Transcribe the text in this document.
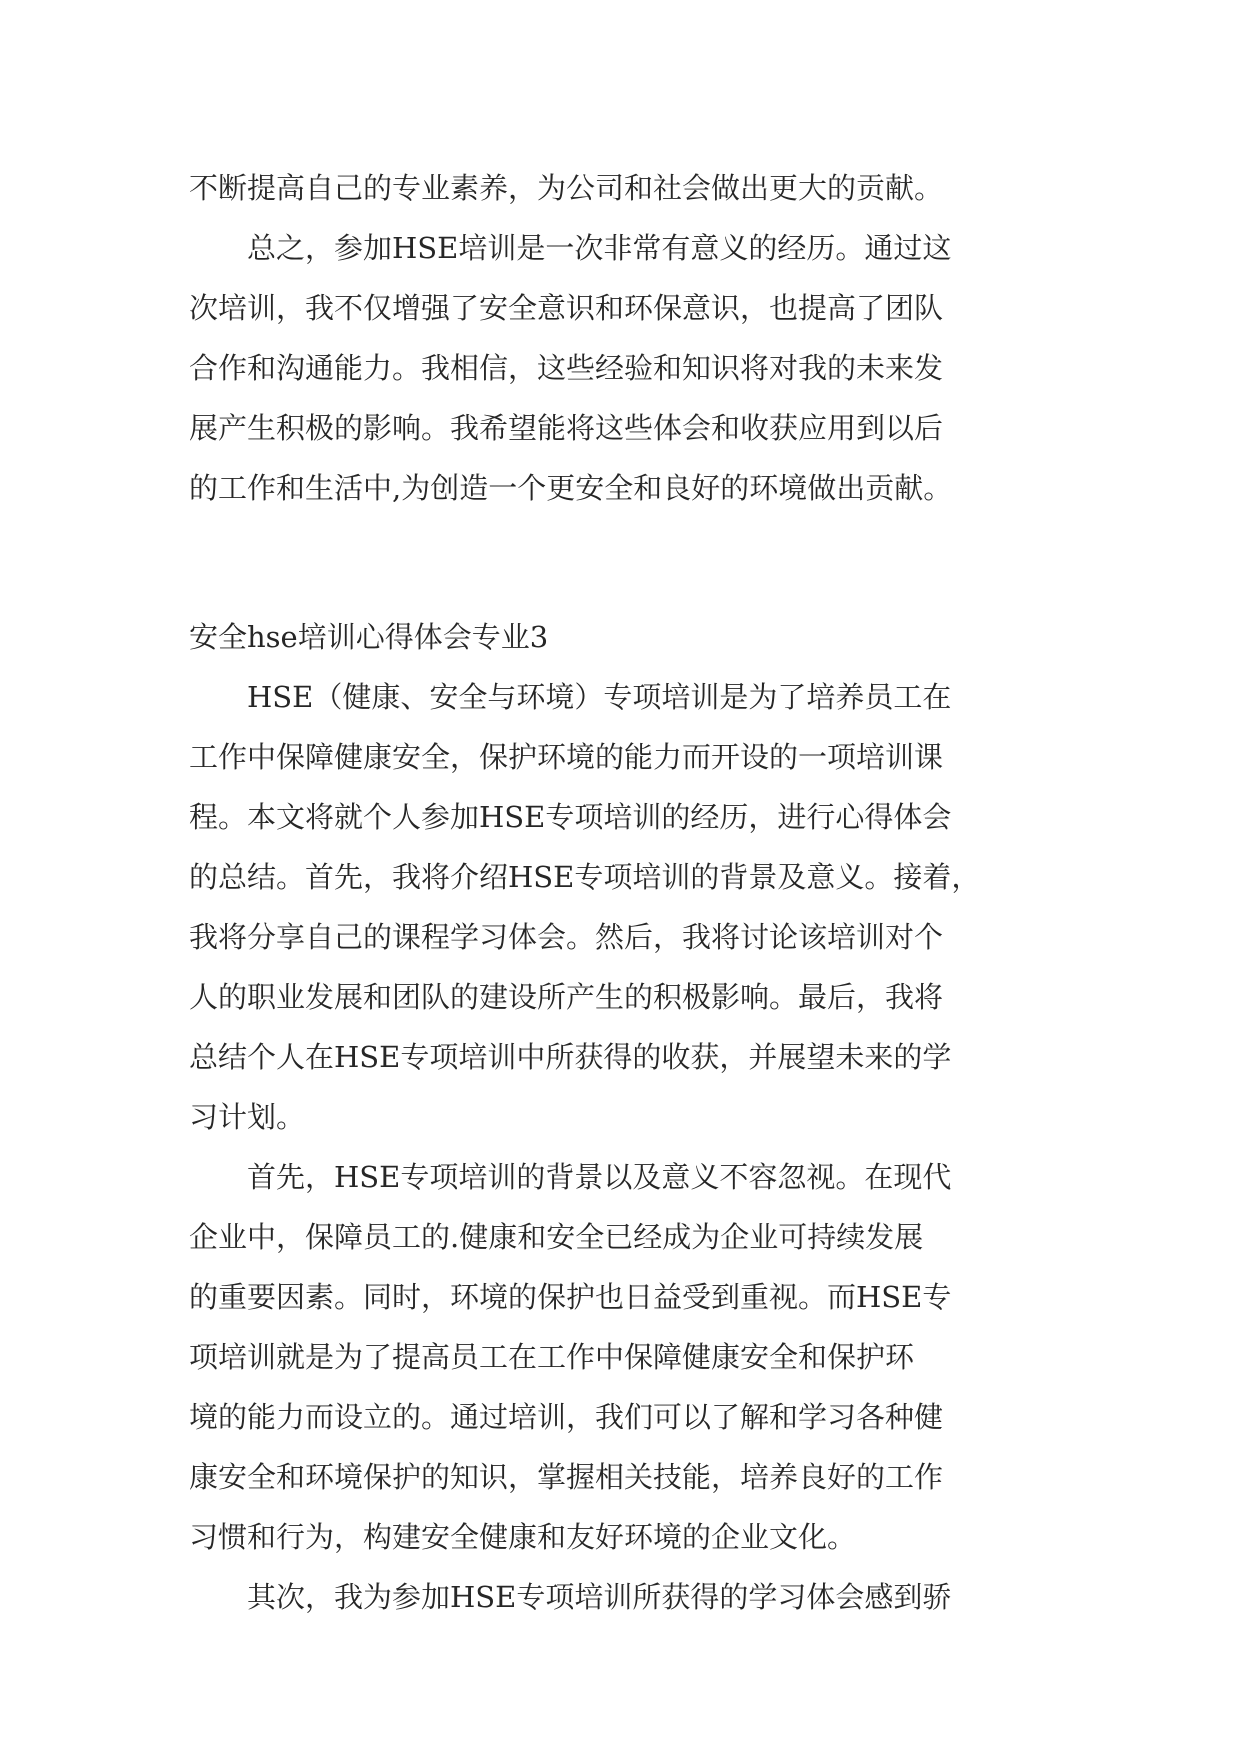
不断提高自己的专业素养，为公司和社会做出更大的贡献。
总之，参加HSE培训是一次非常有意义的经历。通过这
次培训，我不仅增强了安全意识和环保意识，也提高了团队
合作和沟通能力。我相信，这些经验和知识将对我的未来发
展产生积极的影响。我希望能将这些体会和收获应用到以后
的工作和生活中,为创造一个更安全和良好的环境做出贡献。
安全hse培训心得体会专业3
HSE（健康、安全与环境）专项培训是为了培养员工在
工作中保障健康安全，保护环境的能力而开设的一项培训课
程。本文将就个人参加HSE专项培训的经历，进行心得体会
的总结。首先，我将介绍HSE专项培训的背景及意义。接着，
我将分享自己的课程学习体会。然后，我将讨论该培训对个
人的职业发展和团队的建设所产生的积极影响。最后，我将
总结个人在HSE专项培训中所获得的收获，并展望未来的学
习计划。
首先，HSE专项培训的背景以及意义不容忽视。在现代
企业中，保障员工的.健康和安全已经成为企业可持续发展
的重要因素。同时，环境的保护也日益受到重视。而HSE专
项培训就是为了提高员工在工作中保障健康安全和保护环
境的能力而设立的。通过培训，我们可以了解和学习各种健
康安全和环境保护的知识，掌握相关技能，培养良好的工作
习惯和行为，构建安全健康和友好环境的企业文化。
其次，我为参加HSE专项培训所获得的学习体会感到骄
